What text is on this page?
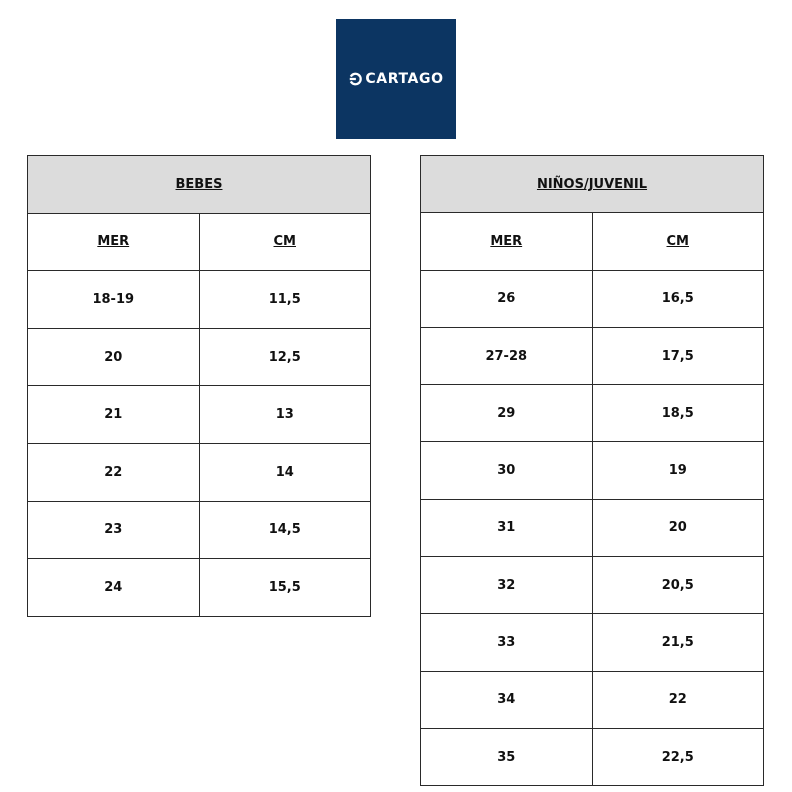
CARTAGO
BEBES	
MER	CM
18-19	11,5
20	12,5
21	13
22	14
23	14,5
24	15,5
NIÑOS/JUVENIL	
MER	CM
26	16,5
27-28	17,5
29	18,5
30	19
31	20
32	20,5
33	21,5
34	22
35	22,5
